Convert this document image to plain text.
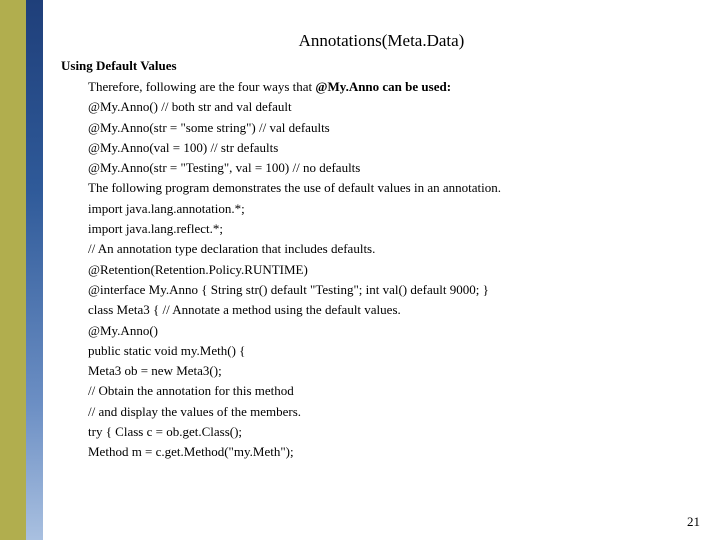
Annotations(Meta.Data)
Using Default Values
Therefore, following are the four ways that @My.Anno can be used:
@My.Anno() // both str and val default
@My.Anno(str = "some string") // val defaults
@My.Anno(val = 100) // str defaults
@My.Anno(str = "Testing", val = 100) // no defaults
The following program demonstrates the use of default values in an annotation.
import java.lang.annotation.*;
import java.lang.reflect.*;
// An annotation type declaration that includes defaults.
@Retention(Retention.Policy.RUNTIME)
@interface My.Anno { String str() default "Testing"; int val() default 9000; }
class Meta3 { // Annotate a method using the default values.
@My.Anno()
public static void my.Meth() {
Meta3 ob = new Meta3();
// Obtain the annotation for this method
// and display the values of the members.
try { Class c = ob.get.Class();
Method m = c.get.Method("my.Meth");
21
